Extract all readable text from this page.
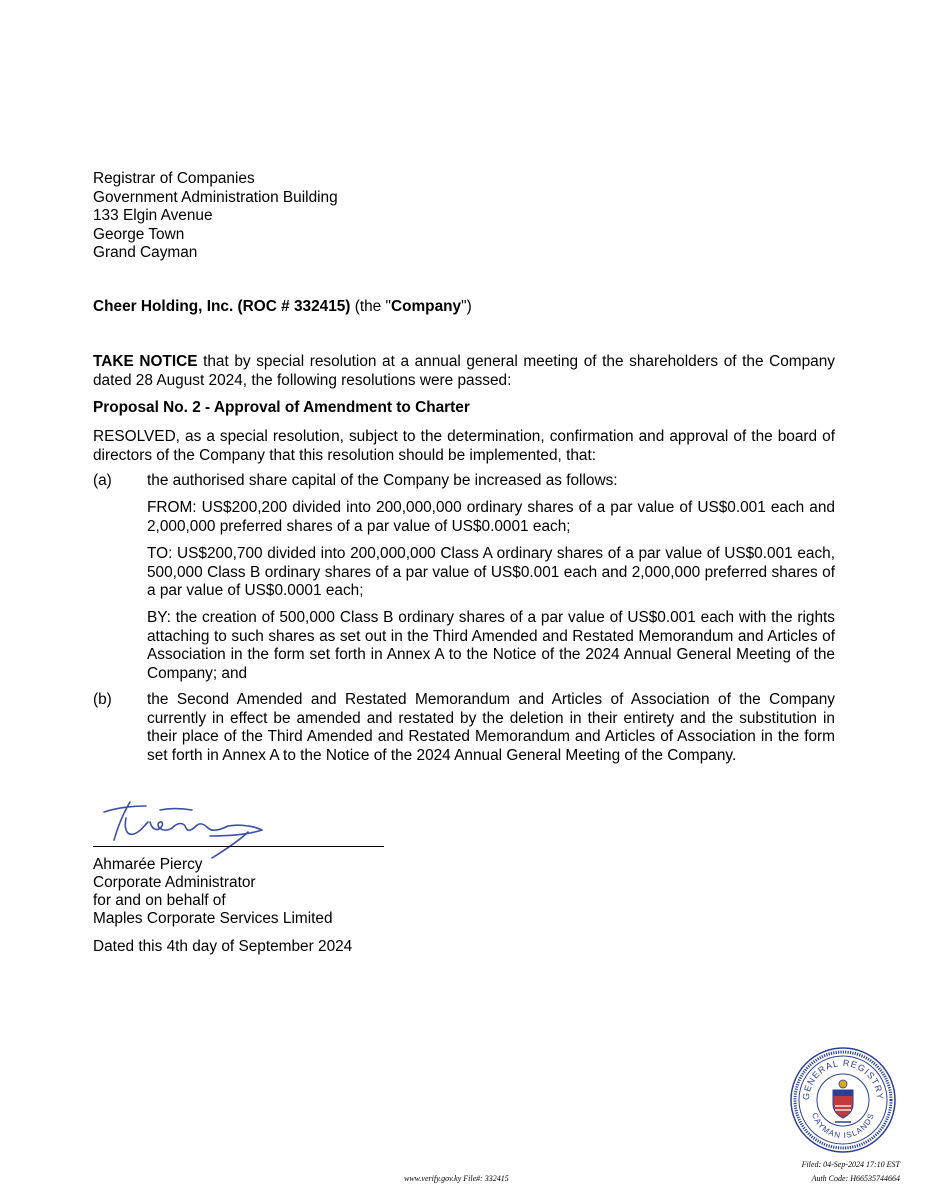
Registrar of Companies
Government Administration Building
133 Elgin Avenue
George Town
Grand Cayman
Cheer Holding, Inc. (ROC # 332415) (the "Company")
TAKE NOTICE that by special resolution at a annual general meeting of the shareholders of the Company dated 28 August 2024, the following resolutions were passed:
Proposal No. 2 - Approval of Amendment to Charter
RESOLVED, as a special resolution, subject to the determination, confirmation and approval of the board of directors of the Company that this resolution should be implemented, that:
(a) the authorised share capital of the Company be increased as follows:
FROM: US$200,200 divided into 200,000,000 ordinary shares of a par value of US$0.001 each and 2,000,000 preferred shares of a par value of US$0.0001 each;
TO: US$200,700 divided into 200,000,000 Class A ordinary shares of a par value of US$0.001 each, 500,000 Class B ordinary shares of a par value of US$0.001 each and 2,000,000 preferred shares of a par value of US$0.0001 each;
BY: the creation of 500,000 Class B ordinary shares of a par value of US$0.001 each with the rights attaching to such shares as set out in the Third Amended and Restated Memorandum and Articles of Association in the form set forth in Annex A to the Notice of the 2024 Annual General Meeting of the Company; and
(b) the Second Amended and Restated Memorandum and Articles of Association of the Company currently in effect be amended and restated by the deletion in their entirety and the substitution in their place of the Third Amended and Restated Memorandum and Articles of Association in the form set forth in Annex A to the Notice of the 2024 Annual General Meeting of the Company.
Ahmarée Piercy
Corporate Administrator
for and on behalf of
Maples Corporate Services Limited
Dated this 4th day of September 2024
GENERAL REGISTRY
CAYMAN ISLANDS
www.verify.gov.ky File#: 332415
Filed: 04-Sep-2024 17:10 EST
Auth Code: H66535744664
